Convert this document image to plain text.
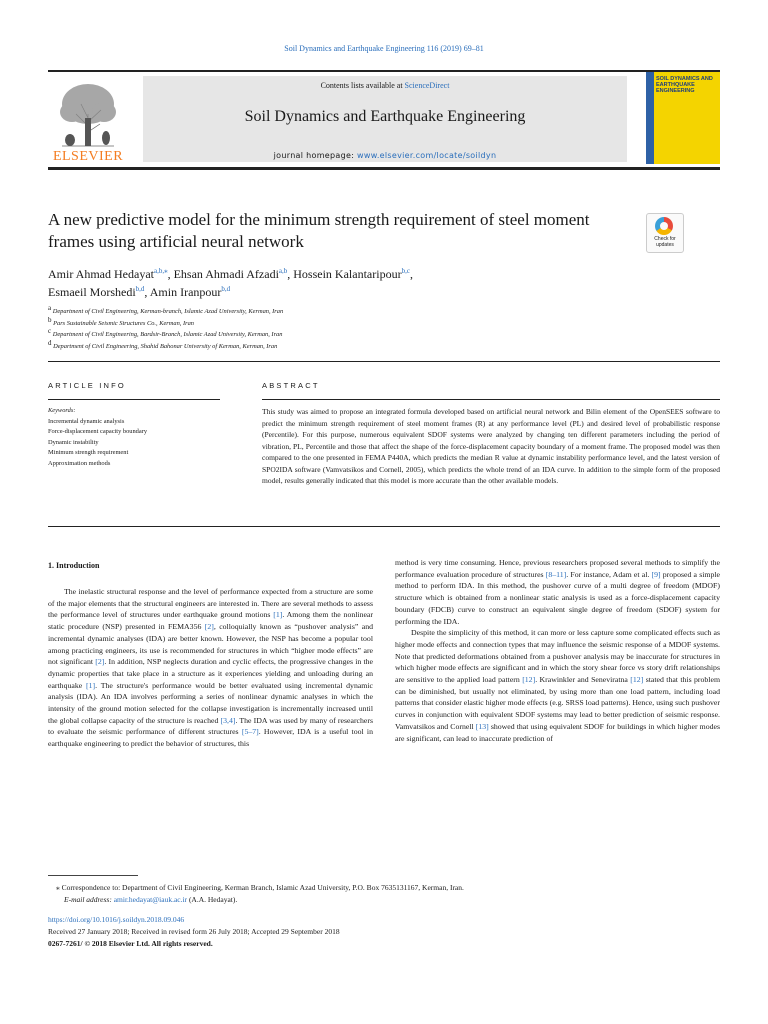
Soil Dynamics and Earthquake Engineering 116 (2019) 69–81
ELSEVIER
Contents lists available at ScienceDirect
Soil Dynamics and Earthquake Engineering
journal homepage: www.elsevier.com/locate/soildyn
SOIL DYNAMICS AND EARTHQUAKE ENGINEERING
A new predictive model for the minimum strength requirement of steel moment frames using artificial neural network	Check for updates
Amir Ahmad Hedayat$^{a,b,⁎}$, Ehsan Ahmadi Afzadi$^{a,b}$, Hossein Kalantaripour$^{b,c}$,
Esmaeil Morshedi$^{b,d}$, Amin Iranpour$^{b,d}$
$^a$ Department of Civil Engineering, Kerman-branch, Islamic Azad University, Kerman, Iran
$^b$ Pars Sustainable Seismic Structures Co., Kerman, Iran
$^c$ Department of Civil Engineering, Bardsir-Branch, Islamic Azad University, Kerman, Iran
$^d$ Department of Civil Engineering, Shahid Bahonar University of Kerman, Kerman, Iran
ARTICLE INFO	ABSTRACT
Keywords:
Incremental dynamic analysis
Force-displacement capacity boundary
Dynamic instability
Minimum strength requirement
Approximation methods
This study was aimed to propose an integrated formula developed based on artificial neural network and Bilin element of the OpenSEES software to predict the minimum strength requirement of steel moment frames (R) at any performance level (PL) and desired level of probabilistic response (Percentile). For this purpose, numerous equivalent SDOF systems were analyzed by changing ten different parameters including the period of vibration, PL, Percentile and those that affect the shape of the force-displacement capacity boundary of a moment frame. The proposed model was then compared to the one presented in FEMA P440A, which predicts the median R value at dynamic instability performance level, and the latest version of SPO2IDA software (Vamvatsikos and Cornell, 2005), which predicts the whole trend of an IDA curve. In addition to the simple form of the proposed model, results generally indicated that this model is more accurate than the other available models.
1. Introduction

The inelastic structural response and the level of performance expected from a structure are some of the major elements that the structural engineers are interested in. There are several methods to assess the performance level of structures under earthquake ground motions [1]. Among them the nonlinear static procedure (NSP) presented in FEMA356 [2], colloquially known as “pushover analysis” and incremental dynamic analyses (IDA) are better known. However, the NSP has become a popular tool among practicing engineers, its use is recommended for structures in which “higher mode effects” are not significant [2]. In addition, NSP neglects duration and cyclic effects, the progressive changes in the dynamic properties that take place in a structure as it experiences yielding and unloading during an earthquake [1]. The structure's performance would be better evaluated using incremental dynamic analysis (IDA). An IDA involves performing a series of nonlinear dynamic analyses in which the intensity of the ground motion selected for the collapse investigation is incrementally increased until the global collapse capacity of the structure is reached [3,4]. The IDA was used by many of researchers to evaluate the seismic performance of different structures [5–7]. However, IDA is a useful tool in earthquake engineering to predict the behavior of structures, this

method is very time consuming. Hence, previous researchers proposed several methods to simplify the performance evaluation procedure of structures [8–11]. For instance, Adam et al. [9] proposed a simple method to perform IDA. In this method, the pushover curve of a multi degree of freedom (MDOF) structure which is obtained from a nonlinear static analysis is used as a force-displacement capacity boundary (FDCB) curve to construct an equivalent single degree of freedom (SDOF) system for performing the IDA.

Despite the simplicity of this method, it can more or less capture some complicated effects such as higher mode effects and connection types that may influence the seismic response of a MDOF systems. Note that predicted deformations obtained from a pushover analysis may be inaccurate for structures in which higher mode effects are significant and in which the story shear force vs story drift relationships are sensitive to the applied load pattern [12]. Krawinkler and Seneviratna [12] stated that this problem can be diminished, but usually not eliminated, by using more than one load pattern, including load patterns that consider elastic higher mode effects (e.g. SRSS load patterns). Hence, using such pushover curves in conjunction with equivalent SDOF systems may lead to better prediction of seismic response. Vamvatsikos and Cornell [13] showed that using equivalent SDOF for buildings in which higher modes are significant, can lead to inaccurate prediction of

⁎ Correspondence to: Department of Civil Engineering, Kerman Branch, Islamic Azad University, P.O. Box 7635131167, Kerman, Iran.
E-mail address: amir.hedayat@iauk.ac.ir (A.A. Hedayat).
https://doi.org/10.1016/j.soildyn.2018.09.046
Received 27 January 2018; Received in revised form 26 July 2018; Accepted 29 September 2018
0267-7261/ © 2018 Elsevier Ltd. All rights reserved.
